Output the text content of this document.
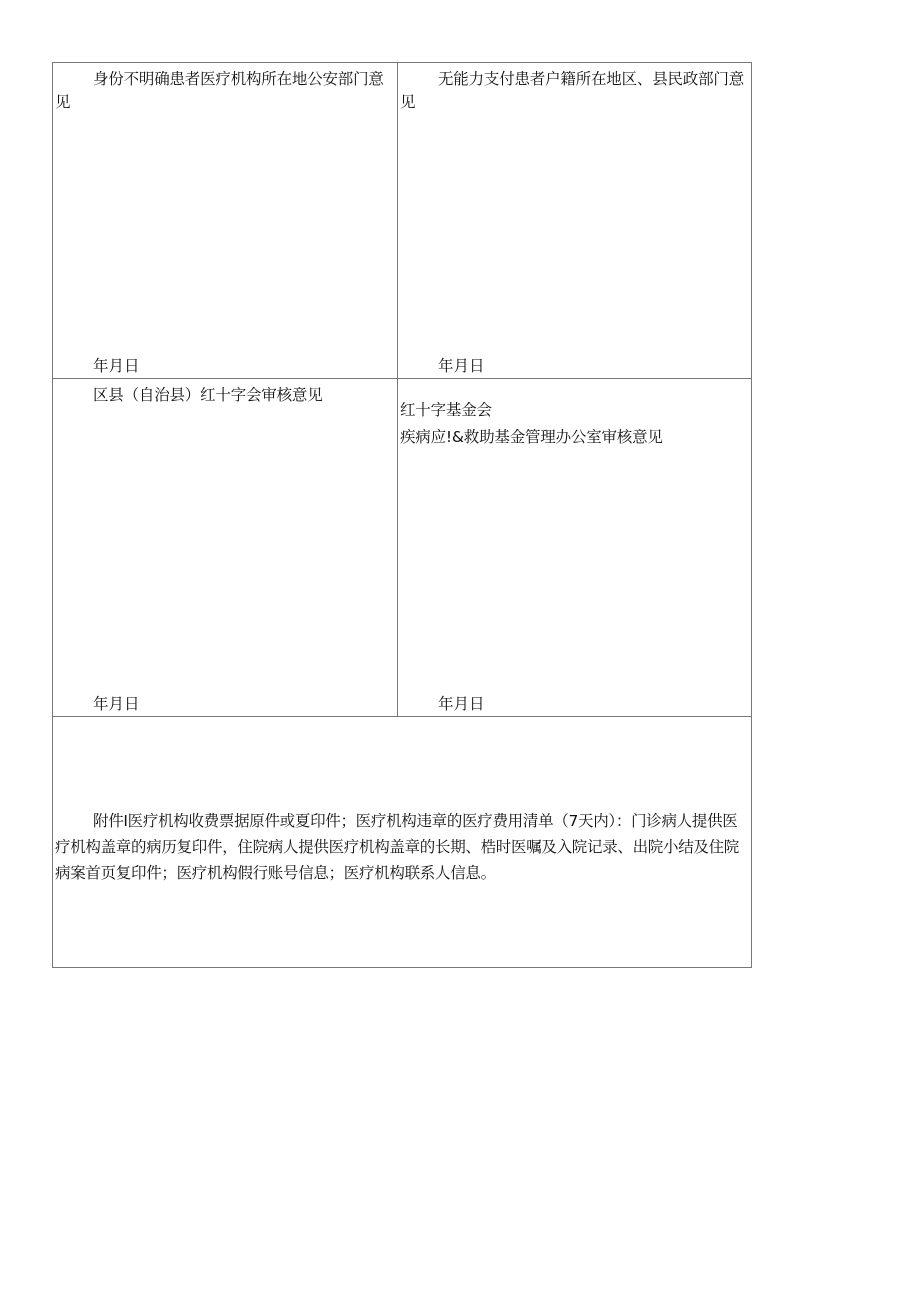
身份不明确患者医疗机构所在地公安部门意见
年月日
无能力支付患者户籍所在地区、县民政部门意见
年月日
区县（自治县）红十字会审核意见
年月日
红十字基金会
疾病应!&救助基金管理办公室审核意见
年月日
附件I医疗机构收费票据原件或夏印件；医疗机构违章的医疗费用清单（7天内）：门诊病人提供医疗机构盖章的病历复印件，住院病人提供医疗机构盖章的长期、梏时医嘱及入院记录、出院小结及住院病案首页复印件；医疗机构假行账号信息；医疗机构联系人信息。
